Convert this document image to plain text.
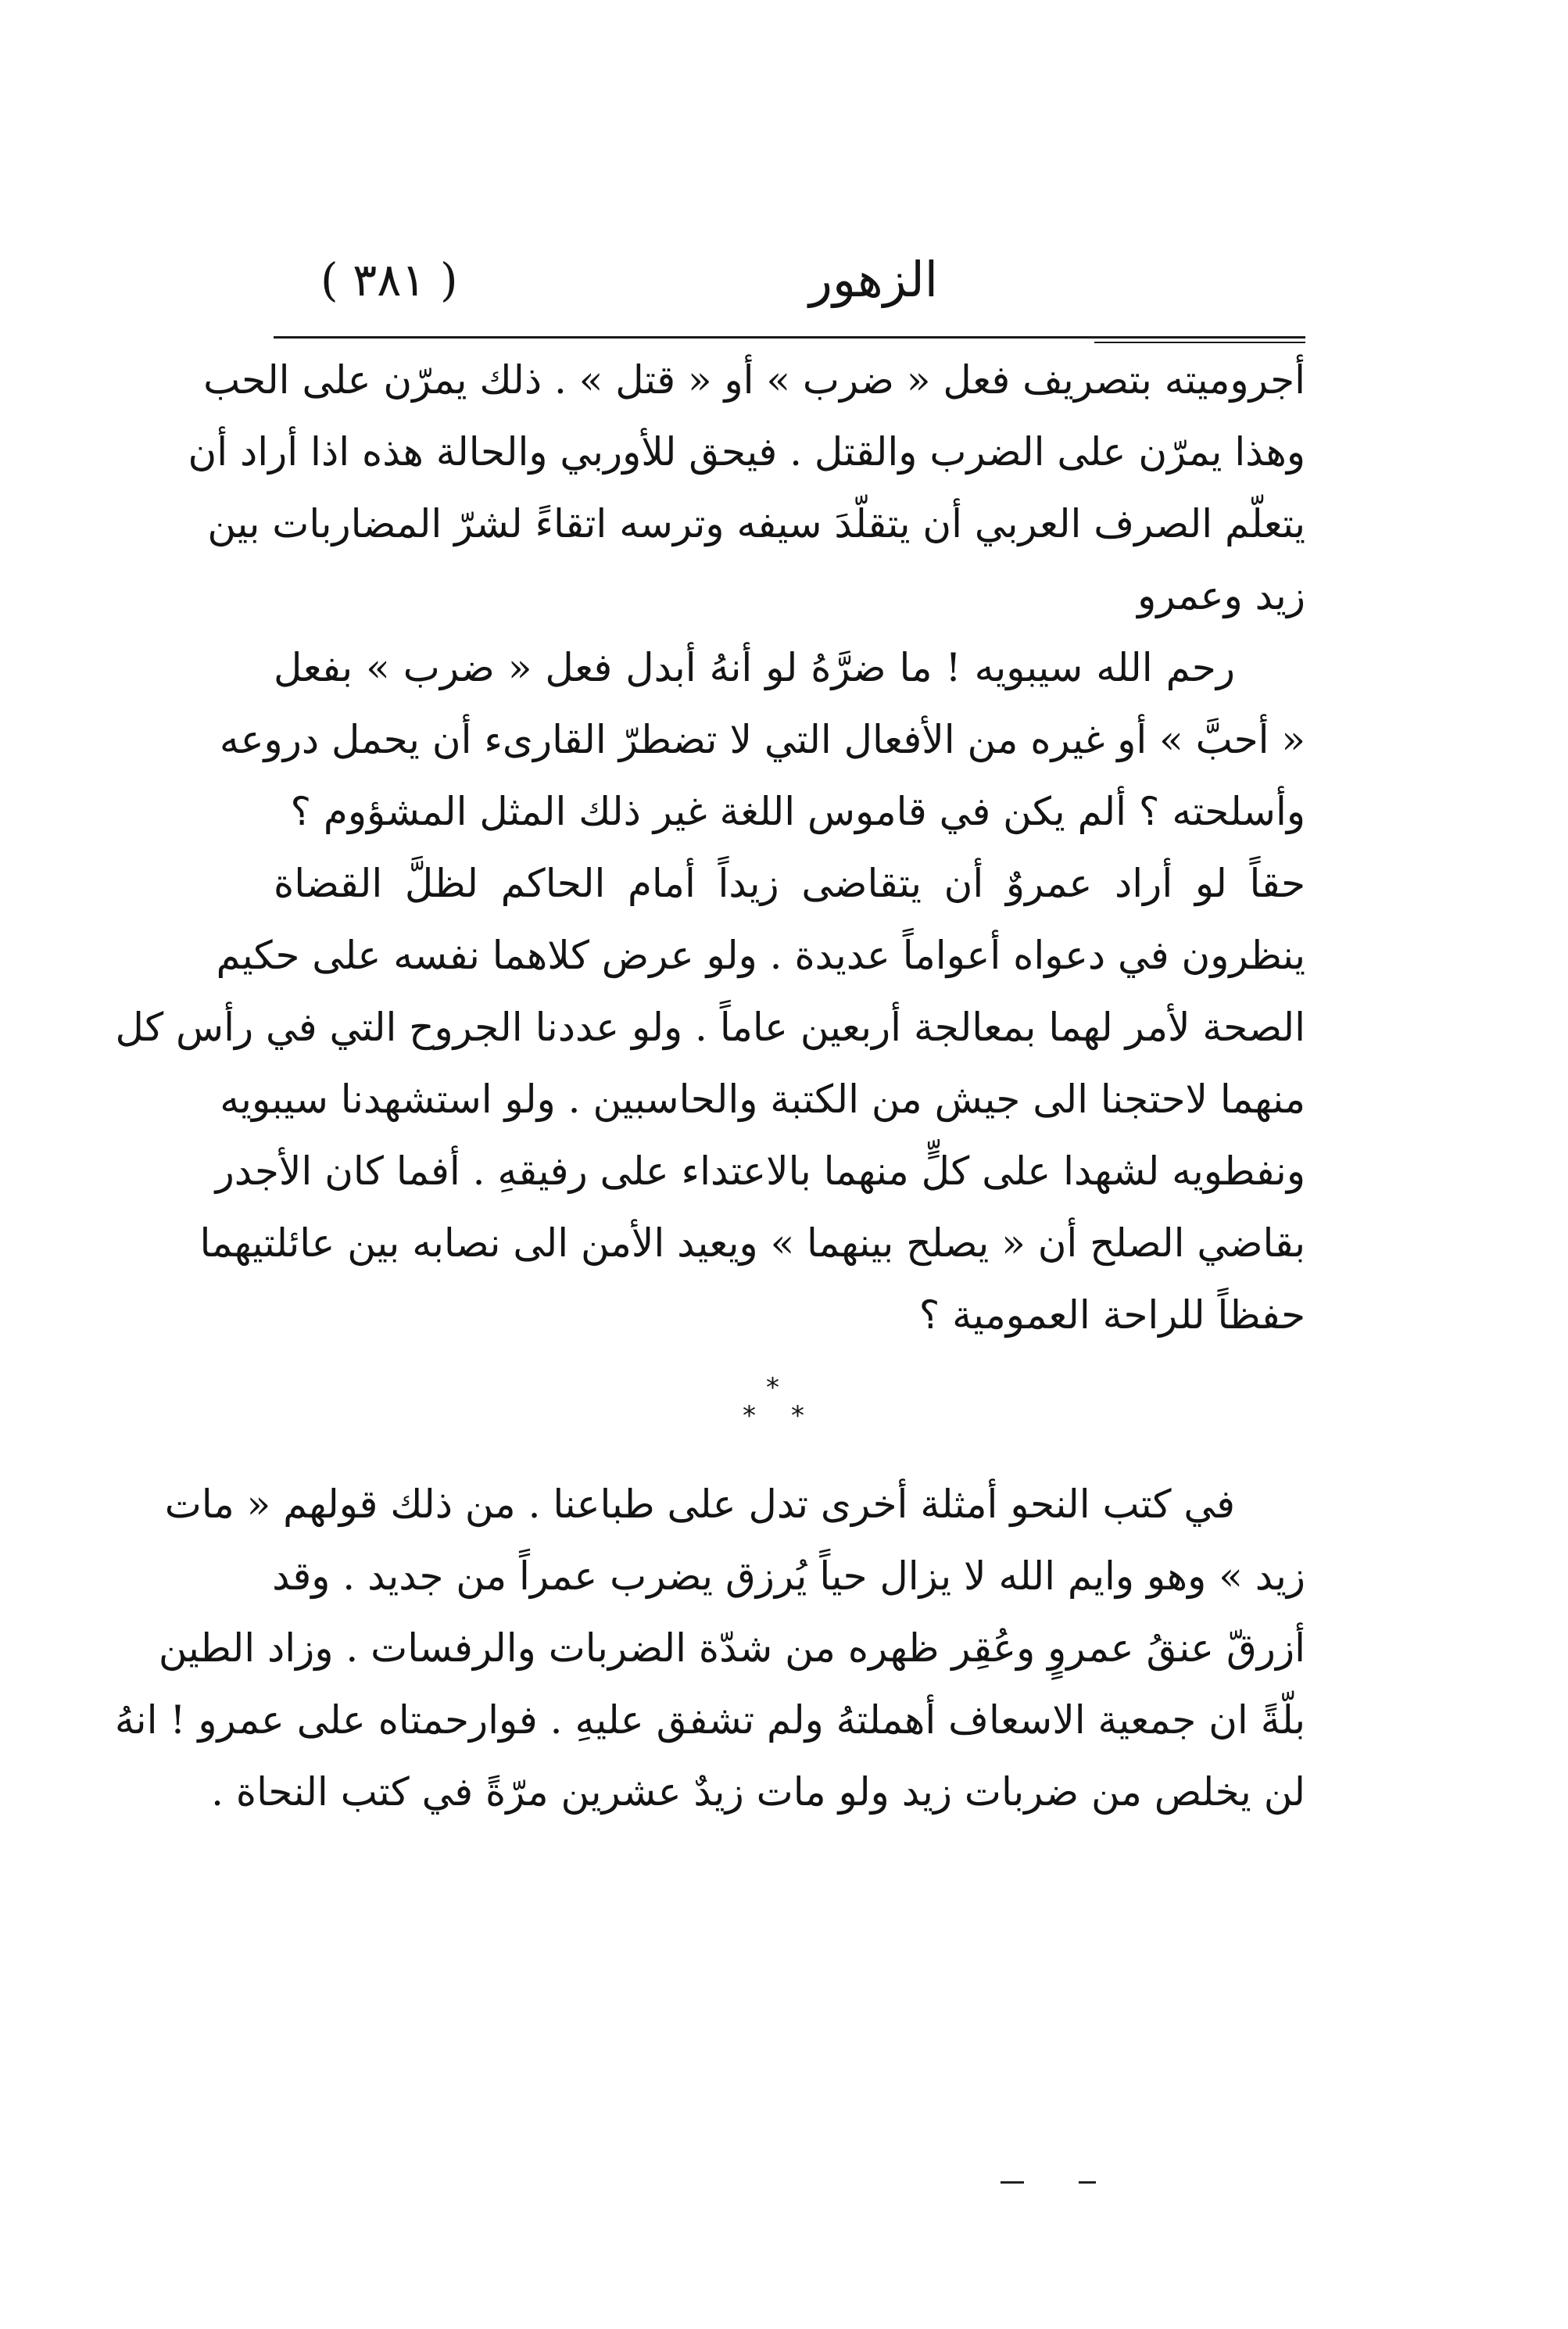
الزهور
( ٣٨١ )

أجروميته بتصريف فعل « ضرب » أو « قتل » . ذلك يمرّن على الحب
وهذا يمرّن على الضرب والقتل . فيحق للأوربي والحالة هذه اذا أراد أن
يتعلّم الصرف العربي أن يتقلّدَ سيفه وترسه اتقاءً لشرّ المضاربات بين
زيد وعمرو

رحم الله سيبويه ! ما ضرَّهُ لو أنهُ أبدل فعل « ضرب » بفعل
« أحبَّ » أو غيره من الأفعال التي لا تضطرّ القارىء أن يحمل دروعه
وأسلحته ؟ ألم يكن في قاموس اللغة غير ذلك المثل المشؤوم ؟

حقاً لو أراد عمروٌ أن يتقاضى زيداً أمام الحاكم لظلَّ القضاة
ينظرون في دعواه أعواماً عديدة . ولو عرض كلاهما نفسه على حكيم
الصحة لأمر لهما بمعالجة أربعين عاماً . ولو عددنا الجروح التي في رأس كل
منهما لاحتجنا الى جيش من الكتبة والحاسبين . ولو استشهدنا سيبويه
ونفطويه لشهدا على كلٍّ منهما بالاعتداء على رفيقهِ . أفما كان الأجدر
بقاضي الصلح أن « يصلح بينهما » ويعيد الأمن الى نصابه بين عائلتيهما
حفظاً للراحة العمومية ؟

*
* *

في كتب النحو أمثلة أخرى تدل على طباعنا . من ذلك قولهم « مات
زيد » وهو وايم الله لا يزال حياً يُرزق يضرب عمراً من جديد . وقد
أزرقّ عنقُ عمروٍ وعُقِر ظهره من شدّة الضربات والرفسات . وزاد الطين
بلّةً ان جمعية الاسعاف أهملتهُ ولم تشفق عليهِ . فوارحمتاه على عمرو ! انهُ
لن يخلص من ضربات زيد ولو مات زيدٌ عشرين مرّةً في كتب النحاة .
